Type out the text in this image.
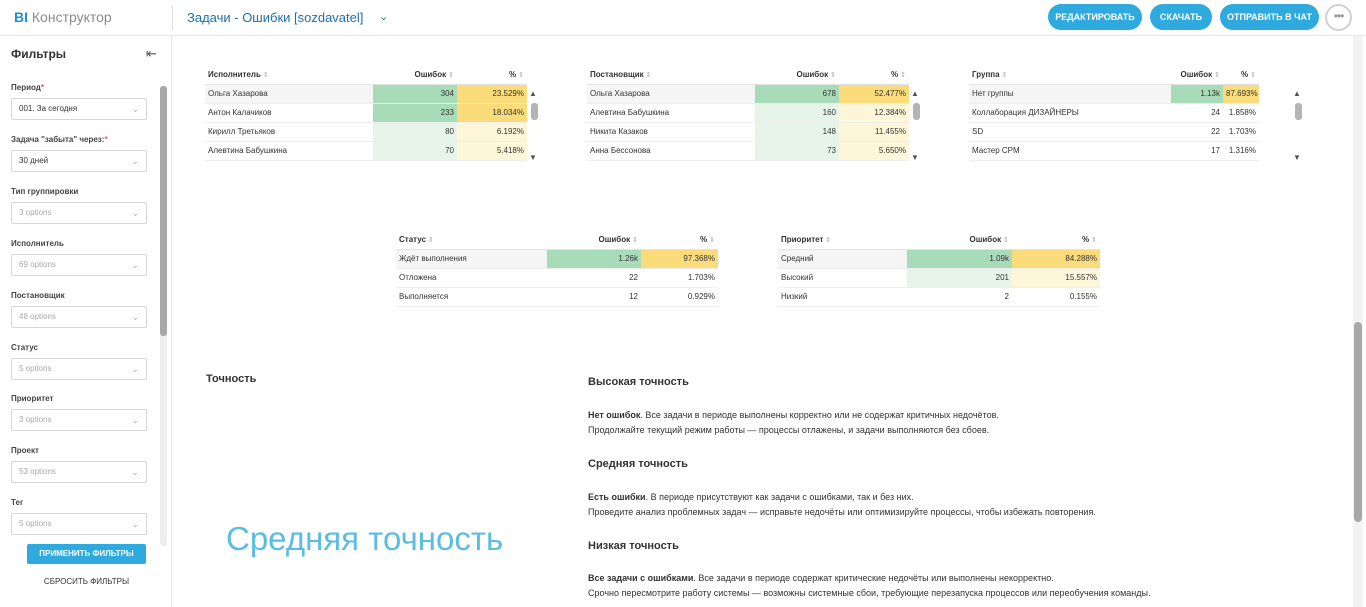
BI Конструктор	Задачи - Ошибки [sozdavatel] ⌄	РЕДАКТИРОВАТЬ	СКАЧАТЬ	ОТПРАВИТЬ В ЧАТ	•••
Фильтры	⇤
Период*
001. За сегодня	⌄
Задача "забыта" через:*
30 дней	⌄
Тип группировки
3 options	⌄
Исполнитель
69 options	⌄
Постановщик
48 options	⌄
Статус
5 options	⌄
Приоритет
3 options	⌄
Проект
53 options	⌄
Тег
5 options	⌄
ПРИМЕНИТЬ ФИЛЬТРЫ
СБРОСИТЬ ФИЛЬТРЫ
Исполнитель ⇕	Ошибок ⇕	% ⇕
Ольга Хазарова	304	23.529%
Антон Калачиков	233	18.034%
Кирилл Третьяков	80	6.192%
Алевтина Бабушкина	70	5.418%
▲
▼
Постановщик ⇕	Ошибок ⇕	% ⇕
Ольга Хазарова	678	52.477%
Алевтина Бабушкина	160	12.384%
Никита Казаков	148	11.455%
Анна Бессонова	73	5.650%
▲
▼
Группа ⇕	Ошибок ⇕	% ⇕
Нет группы	1.13k	87.693%
Коллаборация ДИЗАЙНЕРЫ	24	1.858%
SD	22	1.703%
Мастер CPM	17	1.316%
▲
▼
Статус ⇕	Ошибок ⇕	% ⇕
Ждёт выполнения	1.26k	97.368%
Отложена	22	1.703%
Выполняется	12	0.929%
Приоритет ⇕	Ошибок ⇕	% ⇕
Средний	1.09k	84.288%
Высокий	201	15.557%
Низкий	2	0.155%
Точность
Средняя точность
Высокая точность
Нет ошибок. Все задачи в периоде выполнены корректно или не содержат критичных недочётов.
Продолжайте текущий режим работы — процессы отлажены, и задачи выполняются без сбоев.
Средняя точность
Есть ошибки. В периоде присутствуют как задачи с ошибками, так и без них.
Проведите анализ проблемных задач — исправьте недочёты или оптимизируйте процессы, чтобы избежать повторения.
Низкая точность
Все задачи с ошибками. Все задачи в периоде содержат критические недочёты или выполнены некорректно.
Срочно пересмотрите работу системы — возможны системные сбои, требующие перезапуска процессов или переобучения команды.
